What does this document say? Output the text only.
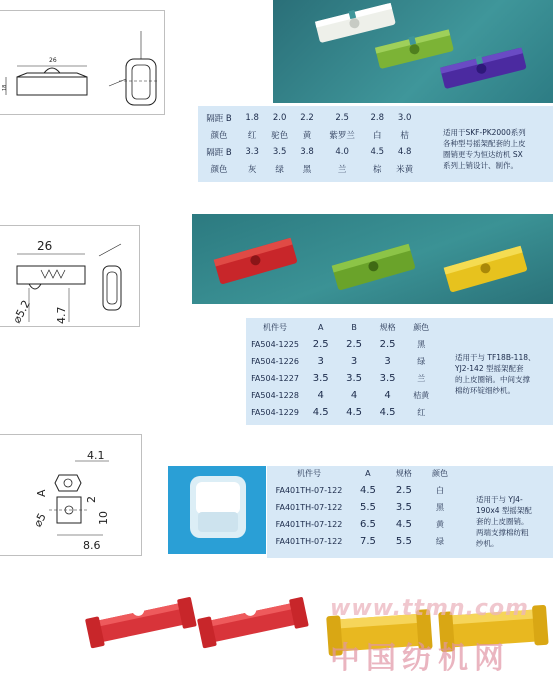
26
18
隔距 B	1.8	2.0	2.2	2.5	2.8	3.0
颜色	红	驼色	黄	紫罗兰	白	桔
隔距 B	3.3	3.5	3.8	4.0	4.5	4.8
颜色	灰	绿	黑	兰	棕	米黄
适用于SKF-PK2000系列
各种型号摇架配套的上皮
圈销更专为恒达纺机 SX
系列上销设计、制作。
26
⌀5.2 4.7
机件号	A	B	规格	颜色
FA504-1225	2.5	2.5	2.5	黑
FA504-1226	3	3	3	绿
FA504-1227	3.5	3.5	3.5	兰
FA504-1228	4	4	4	桔黄
FA504-1229	4.5	4.5	4.5	红
适用于与 TF18B-118、
YJ2-142 型摇架配套
的上皮圈销。中间支撑
棉纺环锭细纱机。
4.1
A
2
10
⌀5
8.6
机件号	A	规格	颜色
FA401TH-07-122	4.5	2.5	白
FA401TH-07-122	5.5	3.5	黑
FA401TH-07-122	6.5	4.5	黄
FA401TH-07-122	7.5	5.5	绿
适用于与 YJ4-
190x4 型摇架配
套的上皮圈销。
两端支撑棉纺粗
纱机。
www.ttmn.com
中国纺机网
